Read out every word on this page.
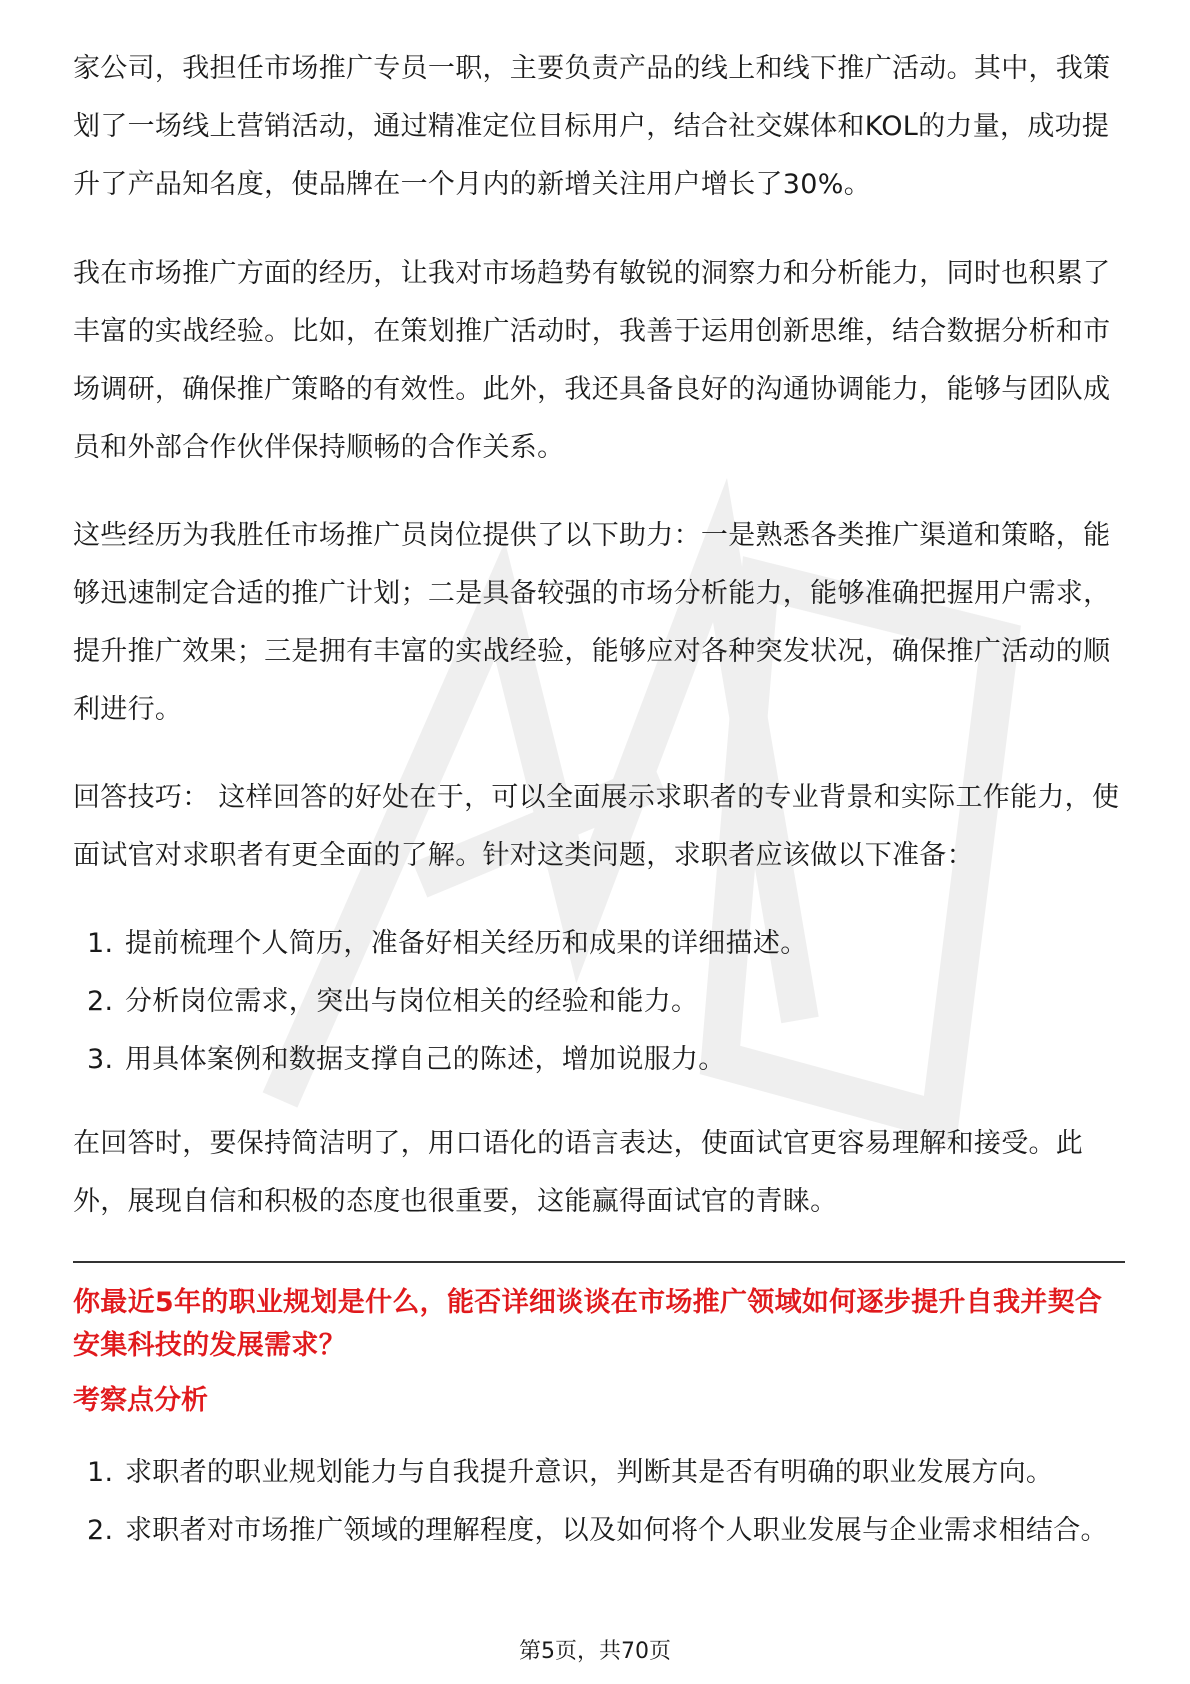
家公司，我担任市场推广专员一职，主要负责产品的线上和线下推广活动。其中，我策划了一场线上营销活动，通过精准定位目标用户，结合社交媒体和KOL的力量，成功提升了产品知名度，使品牌在一个月内的新增关注用户增长了30%。

我在市场推广方面的经历，让我对市场趋势有敏锐的洞察力和分析能力，同时也积累了丰富的实战经验。比如，在策划推广活动时，我善于运用创新思维，结合数据分析和市场调研，确保推广策略的有效性。此外，我还具备良好的沟通协调能力，能够与团队成员和外部合作伙伴保持顺畅的合作关系。

这些经历为我胜任市场推广员岗位提供了以下助力：一是熟悉各类推广渠道和策略，能够迅速制定合适的推广计划；二是具备较强的市场分析能力，能够准确把握用户需求，提升推广效果；三是拥有丰富的实战经验，能够应对各种突发状况，确保推广活动的顺利进行。

回答技巧： 这样回答的好处在于，可以全面展示求职者的专业背景和实际工作能力，使面试官对求职者有更全面的了解。针对这类问题，求职者应该做以下准备：

1. 提前梳理个人简历，准备好相关经历和成果的详细描述。
2. 分析岗位需求，突出与岗位相关的经验和能力。
3. 用具体案例和数据支撑自己的陈述，增加说服力。

在回答时，要保持简洁明了，用口语化的语言表达，使面试官更容易理解和接受。此外，展现自信和积极的态度也很重要，这能赢得面试官的青睐。

你最近5年的职业规划是什么，能否详细谈谈在市场推广领域如何逐步提升自我并契合安集科技的发展需求？
考察点分析
1. 求职者的职业规划能力与自我提升意识，判断其是否有明确的职业发展方向。
2. 求职者对市场推广领域的理解程度，以及如何将个人职业发展与企业需求相结合。
第5页，共70页
